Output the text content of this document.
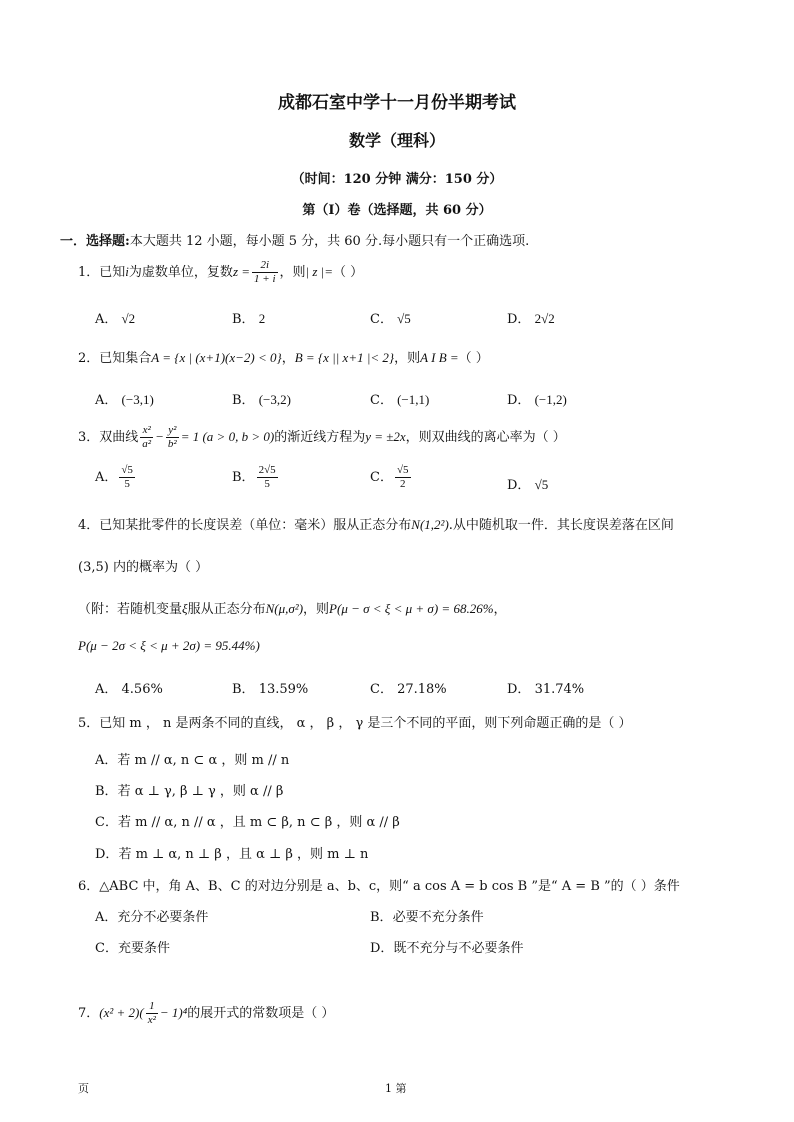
成都石室中学十一月份半期考试
数学（理科）
（时间：120 分钟 满分：150 分）
第（Ⅰ）卷（选择题，共 60 分）
一．选择题:本大题共 12 小题，每小题 5 分，共 60 分.每小题只有一个正确选项.
1．已知i为虚数单位，复数$z = \frac{2i}{1 + i}$ ，则| z |=（ ）
A． √2	B． 2	C． √5	D． 2√2
2．已知集合A = {x | (x+1)(x−2) < 0}，B = {x || x+1 |< 2}，则A I B =（ ）
A． (−3,1)	B． (−3,2)	C． (−1,1)	D． (−1,2)
3．双曲线 $\frac{\text{x²}}{\text{a²}} - \frac{\text{y²}}{\text{b²}} = 1$ (a > 0, b > 0)的渐近线方程为y = ±2x，则双曲线的离心率为（ ）
A． $\frac{√5}{5}$	B． $\frac{2√5}{5}$	C． $\frac{√5}{2}$	D． √5
4．已知某批零件的长度误差（单位：毫米）服从正态分布N(1,2²).从中随机取一件．其长度误差落在区间
(3,5) 内的概率为（ ）
（附：若随机变量ξ服从正态分布N(μ,σ²)，则P(μ − σ < ξ < μ + σ) = 68.26%，
P(μ − 2σ < ξ < μ + 2σ) = 95.44%)
A． 4.56%	B． 13.59%	C． 27.18%	D． 31.74%
5．已知 m ， n 是两条不同的直线， α ， β ， γ 是三个不同的平面，则下列命题正确的是（ ）
A．若 m // α, n ⊂ α ，则 m // n
B．若 α ⊥ γ, β ⊥ γ ，则 α // β
C．若 m // α, n // α ，且 m ⊂ β, n ⊂ β ，则 α // β
D．若 m ⊥ α, n ⊥ β ，且 α ⊥ β ，则 m ⊥ n
6．△ABC 中，角 A、B、C 的对边分别是 a、b、c，则“ a cos A = b cos B ”是“ A = B ”的（ ）条件
A．充分不必要条件	B．必要不充分条件
C．充要条件	D．既不充分与不必要条件
7．$(x^2 + 2)( \frac{1}{\text{x²}} - 1)^4$的展开式的常数项是（ ）
页	1 第
